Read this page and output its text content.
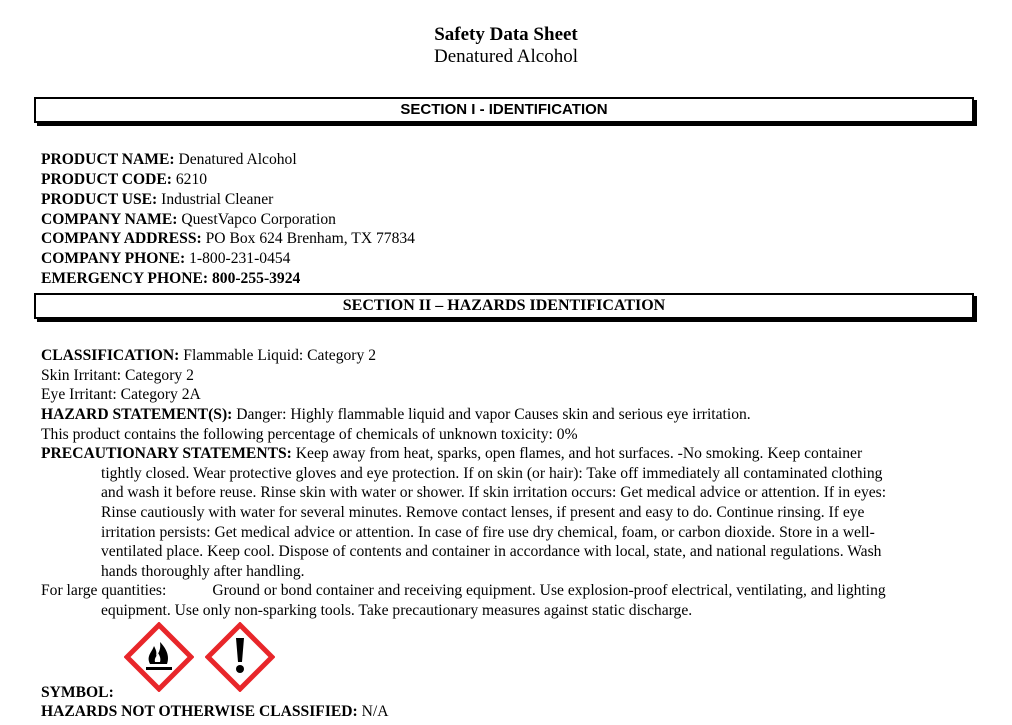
Safety Data Sheet
Denatured Alcohol
SECTION I - IDENTIFICATION
PRODUCT NAME: Denatured Alcohol
PRODUCT CODE: 6210
PRODUCT USE: Industrial Cleaner
COMPANY NAME: QuestVapco Corporation
COMPANY ADDRESS: PO Box 624 Brenham, TX 77834
COMPANY PHONE: 1-800-231-0454
EMERGENCY PHONE: 800-255-3924
SECTION II – HAZARDS IDENTIFICATION
CLASSIFICATION: Flammable Liquid: Category 2
Skin Irritant: Category 2
Eye Irritant: Category 2A
HAZARD STATEMENT(S): Danger: Highly flammable liquid and vapor Causes skin and serious eye irritation.
This product contains the following percentage of chemicals of unknown toxicity: 0%
PRECAUTIONARY STATEMENTS: Keep away from heat, sparks, open flames, and hot surfaces. -No smoking. Keep container
tightly closed. Wear protective gloves and eye protection. If on skin (or hair): Take off immediately all contaminated clothing
and wash it before reuse. Rinse skin with water or shower. If skin irritation occurs: Get medical advice or attention. If in eyes:
Rinse cautiously with water for several minutes. Remove contact lenses, if present and easy to do. Continue rinsing. If eye
irritation persists: Get medical advice or attention. In case of fire use dry chemical, foam, or carbon dioxide. Store in a well-
ventilated place. Keep cool. Dispose of contents and container in accordance with local, state, and national regulations. Wash
hands thoroughly after handling.
For large quantities:	Ground or bond container and receiving equipment. Use explosion-proof electrical, ventilating, and lighting
equipment. Use only non-sparking tools. Take precautionary measures against static discharge.
SYMBOL:
HAZARDS NOT OTHERWISE CLASSIFIED: N/A
